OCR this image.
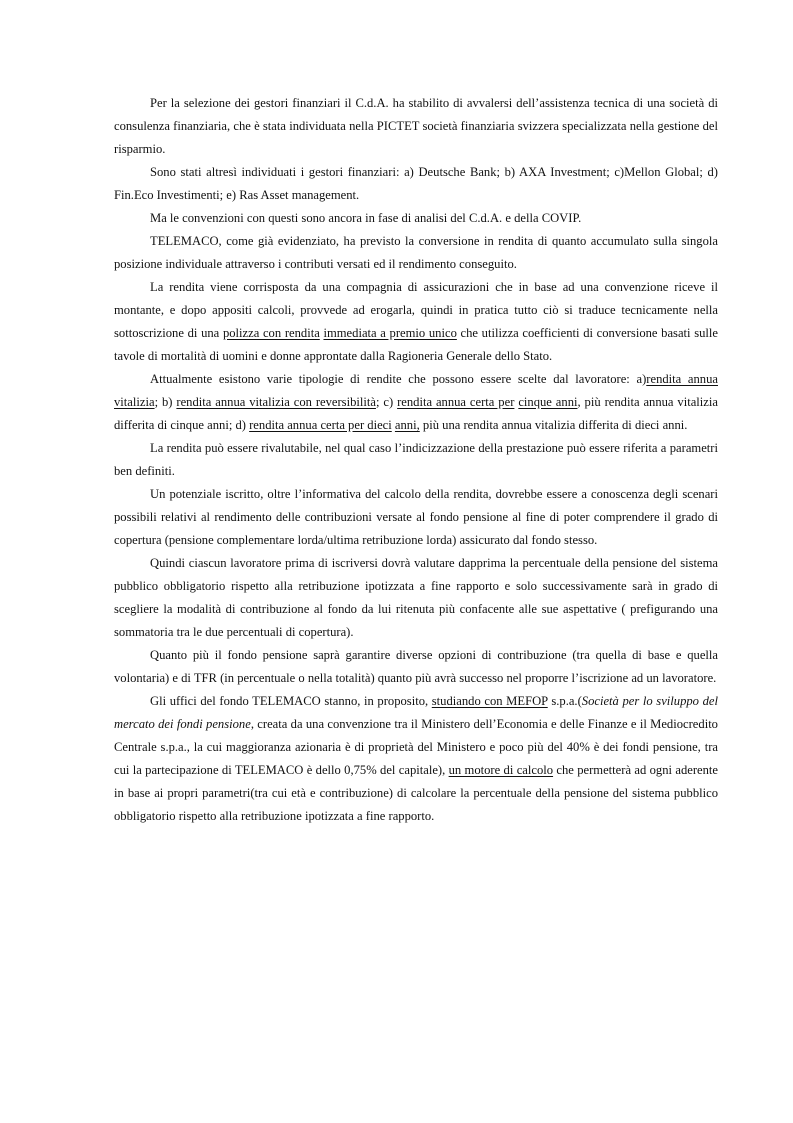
Per la selezione dei gestori finanziari il C.d.A. ha stabilito di avvalersi dell’assistenza tecnica di una società di consulenza finanziaria, che è stata individuata nella PICTET società finanziaria svizzera specializzata nella gestione del risparmio.

Sono stati altresì individuati i gestori finanziari: a) Deutsche Bank; b) AXA Investment; c)Mellon Global; d) Fin.Eco Investimenti; e) Ras Asset management.

Ma le convenzioni con questi sono ancora in fase di analisi del C.d.A. e della COVIP.

TELEMACO, come già evidenziato, ha previsto la conversione in rendita di quanto accumulato sulla singola posizione individuale attraverso i contributi versati ed il rendimento conseguito.

La rendita viene corrisposta da una compagnia di assicurazioni che in base ad una convenzione riceve il montante, e dopo appositi calcoli, provvede ad erogarla, quindi in pratica tutto ciò si traduce tecnicamente nella sottoscrizione di una polizza con rendita immediata a premio unico che utilizza coefficienti di conversione basati sulle tavole di mortalità di uomini e donne approntate dalla Ragioneria Generale dello Stato.

Attualmente esistono varie tipologie di rendite che possono essere scelte dal lavoratore: a)rendita annua vitalizia; b) rendita annua vitalizia con reversibilità; c) rendita annua certa per cinque anni, più rendita annua vitalizia differita di cinque anni; d) rendita annua certa per dieci anni, più una rendita annua vitalizia differita di dieci anni.

La rendita può essere rivalutabile, nel qual caso l’indicizzazione della prestazione può essere riferita a parametri ben definiti.

Un potenziale iscritto, oltre l’informativa del calcolo della rendita, dovrebbe essere a conoscenza degli scenari possibili relativi al rendimento delle contribuzioni versate al fondo pensione al fine di poter comprendere il grado di copertura (pensione complementare lorda/ultima retribuzione lorda) assicurato dal fondo stesso.

Quindi ciascun lavoratore prima di iscriversi dovrà valutare dapprima la percentuale della pensione del sistema pubblico obbligatorio rispetto alla retribuzione ipotizzata a fine rapporto e solo successivamente sarà in grado di scegliere la modalità di contribuzione al fondo da lui ritenuta più confacente alle sue aspettative ( prefigurando una sommatoria tra le due percentuali di copertura).

Quanto più il fondo pensione saprà garantire diverse opzioni di contribuzione (tra quella di base e quella volontaria) e di TFR (in percentuale o nella totalità) quanto più avrà successo nel proporre l’iscrizione ad un lavoratore.

Gli uffici del fondo TELEMACO stanno, in proposito, studiando con MEFOP s.p.a.(Società per lo sviluppo del mercato dei fondi pensione, creata da una convenzione tra il Ministero dell’Economia e delle Finanze e il Mediocredito Centrale s.p.a., la cui maggioranza azionaria è di proprietà del Ministero e poco più del 40% è dei fondi pensione, tra cui la partecipazione di TELEMACO è dello 0,75% del capitale), un motore di calcolo che permetterà ad ogni aderente in base ai propri parametri(tra cui età e contribuzione) di calcolare la percentuale della pensione del sistema pubblico obbligatorio rispetto alla retribuzione ipotizzata a fine rapporto.
